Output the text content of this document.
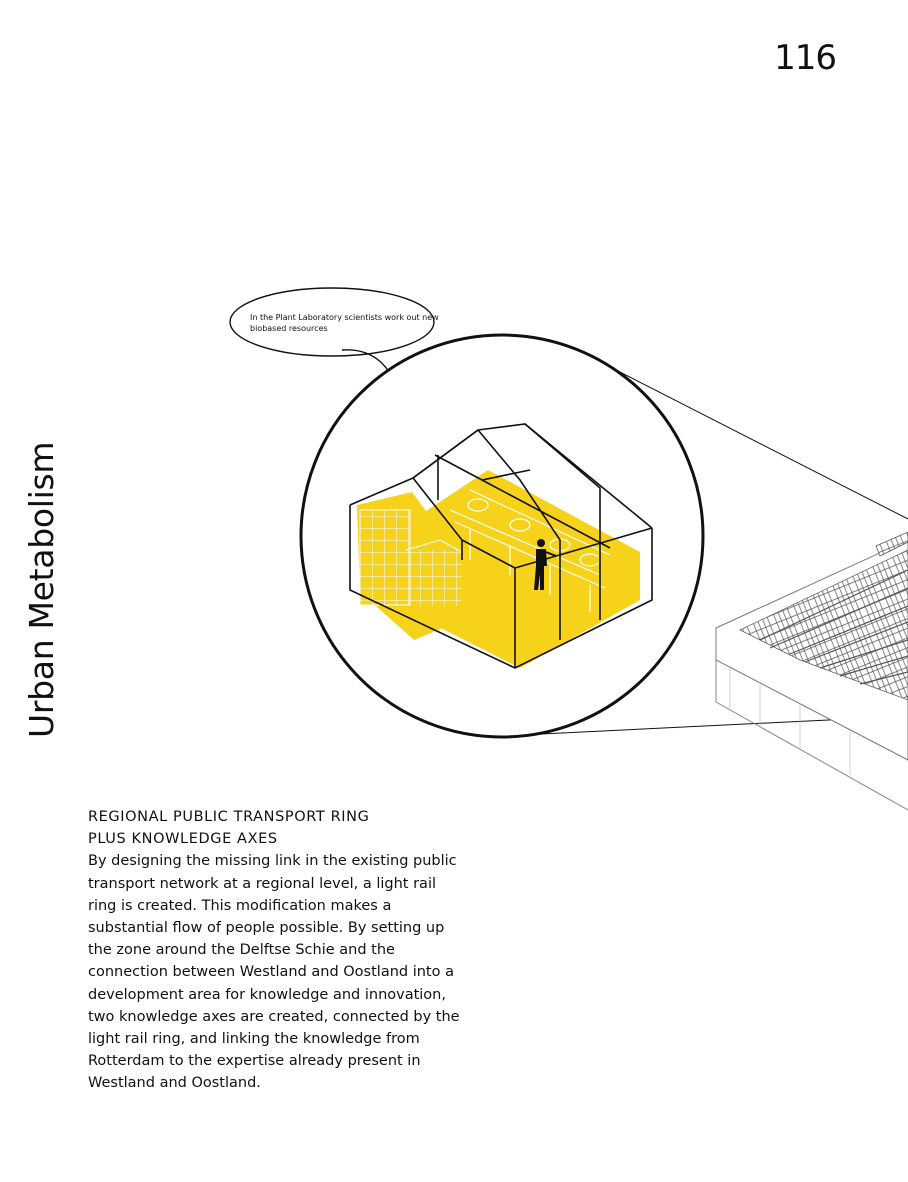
116
Urban Metabolism
In the Plant Laboratory scientists work out new biobased resources
REGIONAL PUBLIC TRANSPORT RING
PLUS KNOWLEDGE AXES

By designing the missing link in the existing public transport network at a regional level, a light rail ring is created. This modification makes a substantial flow of people possible. By setting up the zone around the Delftse Schie and the connection between Westland and Oostland into a development area for knowledge and innovation, two knowledge axes are created, connected by the light rail ring, and linking the knowledge from Rotterdam to the expertise already present in Westland and Oostland.
